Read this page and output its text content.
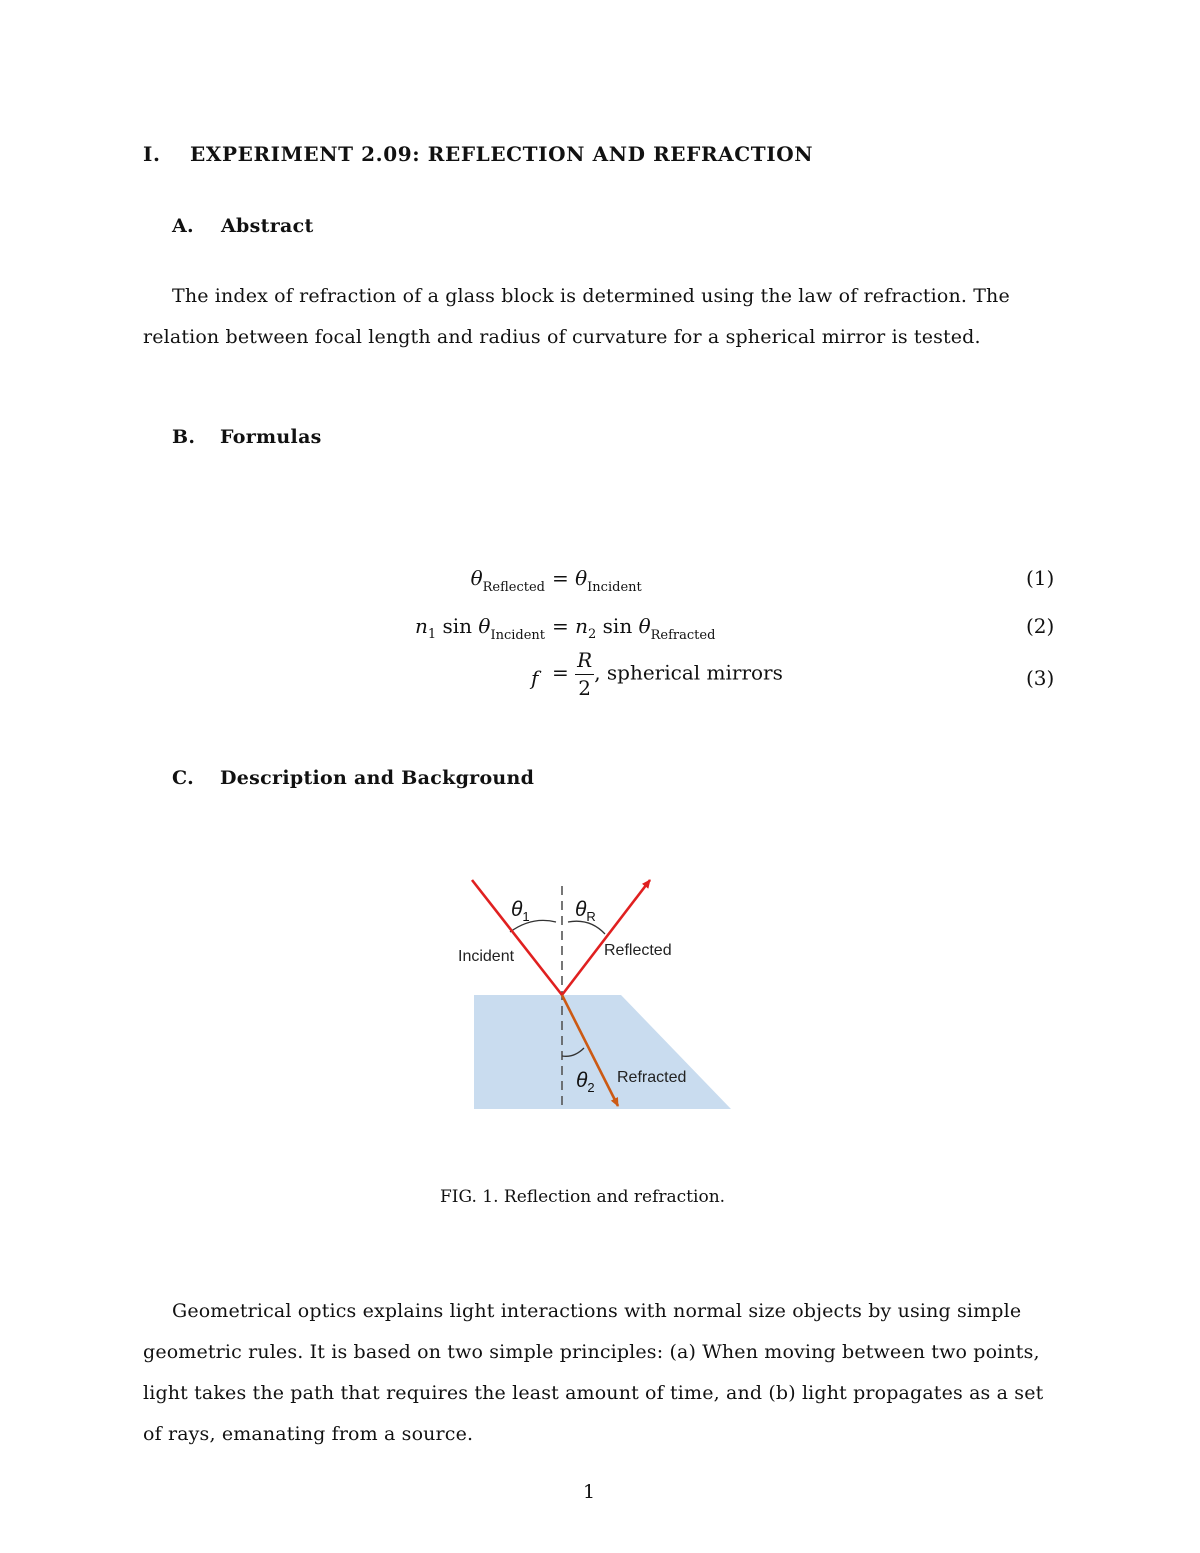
I. EXPERIMENT 2.09: REFLECTION AND REFRACTION
A. Abstract
The index of refraction of a glass block is determined using the law of refraction. The
relation between focal length and radius of curvature for a spherical mirror is tested.
B. Formulas
$\theta_{Reflected} = \theta_{Incident}$	(1)
$n_1$ $\sin \theta_{Incident} = n_2$ $\sin \theta_{Refracted}$	(2)
$f = \frac{R}{2}$ , spherical mirrors	(3)
C. Description and Background
$\theta_1$ $\theta_R$
$\theta_2$
Incident	Reflected
Refracted
FIG. 1. Reflection and refraction.
Geometrical optics explains light interactions with normal size objects by using simple
geometric rules. It is based on two simple principles: (a) When moving between two points,
light takes the path that requires the least amount of time, and (b) light propagates as a set
of rays, emanating from a source.
1
